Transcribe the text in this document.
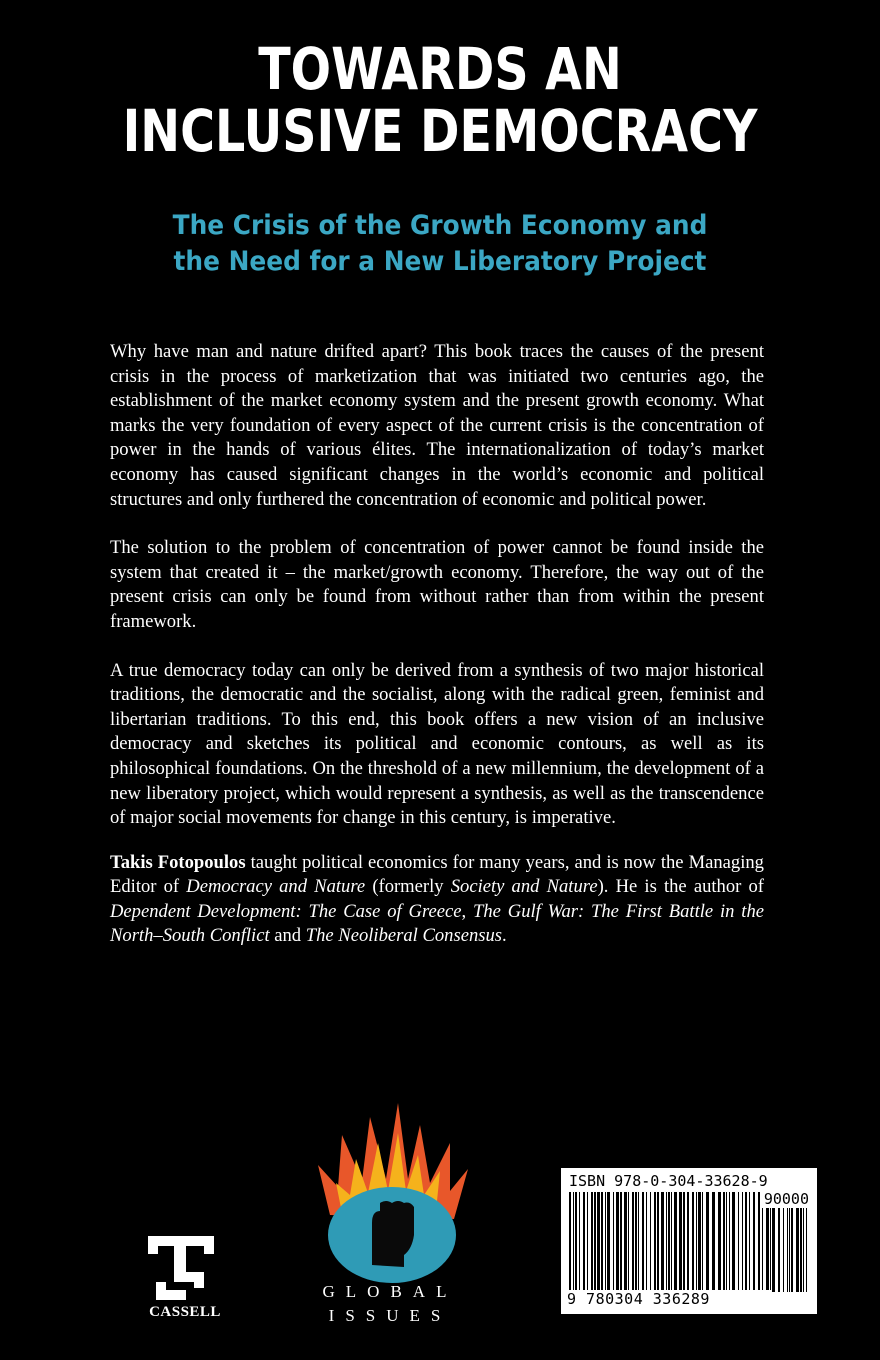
TOWARDS AN
INCLUSIVE DEMOCRACY
The Crisis of the Growth Economy and
the Need for a New Liberatory Project

Why have man and nature drifted apart? This book traces the causes of the present crisis in the process of marketization that was initiated two centuries ago, the establishment of the market economy system and the present growth economy. What marks the very foundation of every aspect of the current crisis is the concentration of power in the hands of various élites. The internationalization of today’s market economy has caused significant changes in the world’s economic and political structures and only furthered the concentration of economic and political power.

The solution to the problem of concentration of power cannot be found inside the system that created it – the market/growth economy. Therefore, the way out of the present crisis can only be found from without rather than from within the present framework.

A true democracy today can only be derived from a synthesis of two major historical traditions, the democratic and the socialist, along with the radical green, feminist and libertarian traditions. To this end, this book offers a new vision of an inclusive democracy and sketches its political and economic contours, as well as its philosophical foundations. On the threshold of a new millennium, the development of a new liberatory project, which would represent a synthesis, as well as the transcendence of major social movements for change in this century, is imperative.

Takis Fotopoulos taught political economics for many years, and is now the Managing Editor of Democracy and Nature (formerly Society and Nature). He is the author of Dependent Development: The Case of Greece, The Gulf War: The First Battle in the North–South Conflict and The Neoliberal Consensus.

CASSELL
GLOBAL
ISSUES
ISBN 978-0-304-33628-9
90000
9 780304 336289
